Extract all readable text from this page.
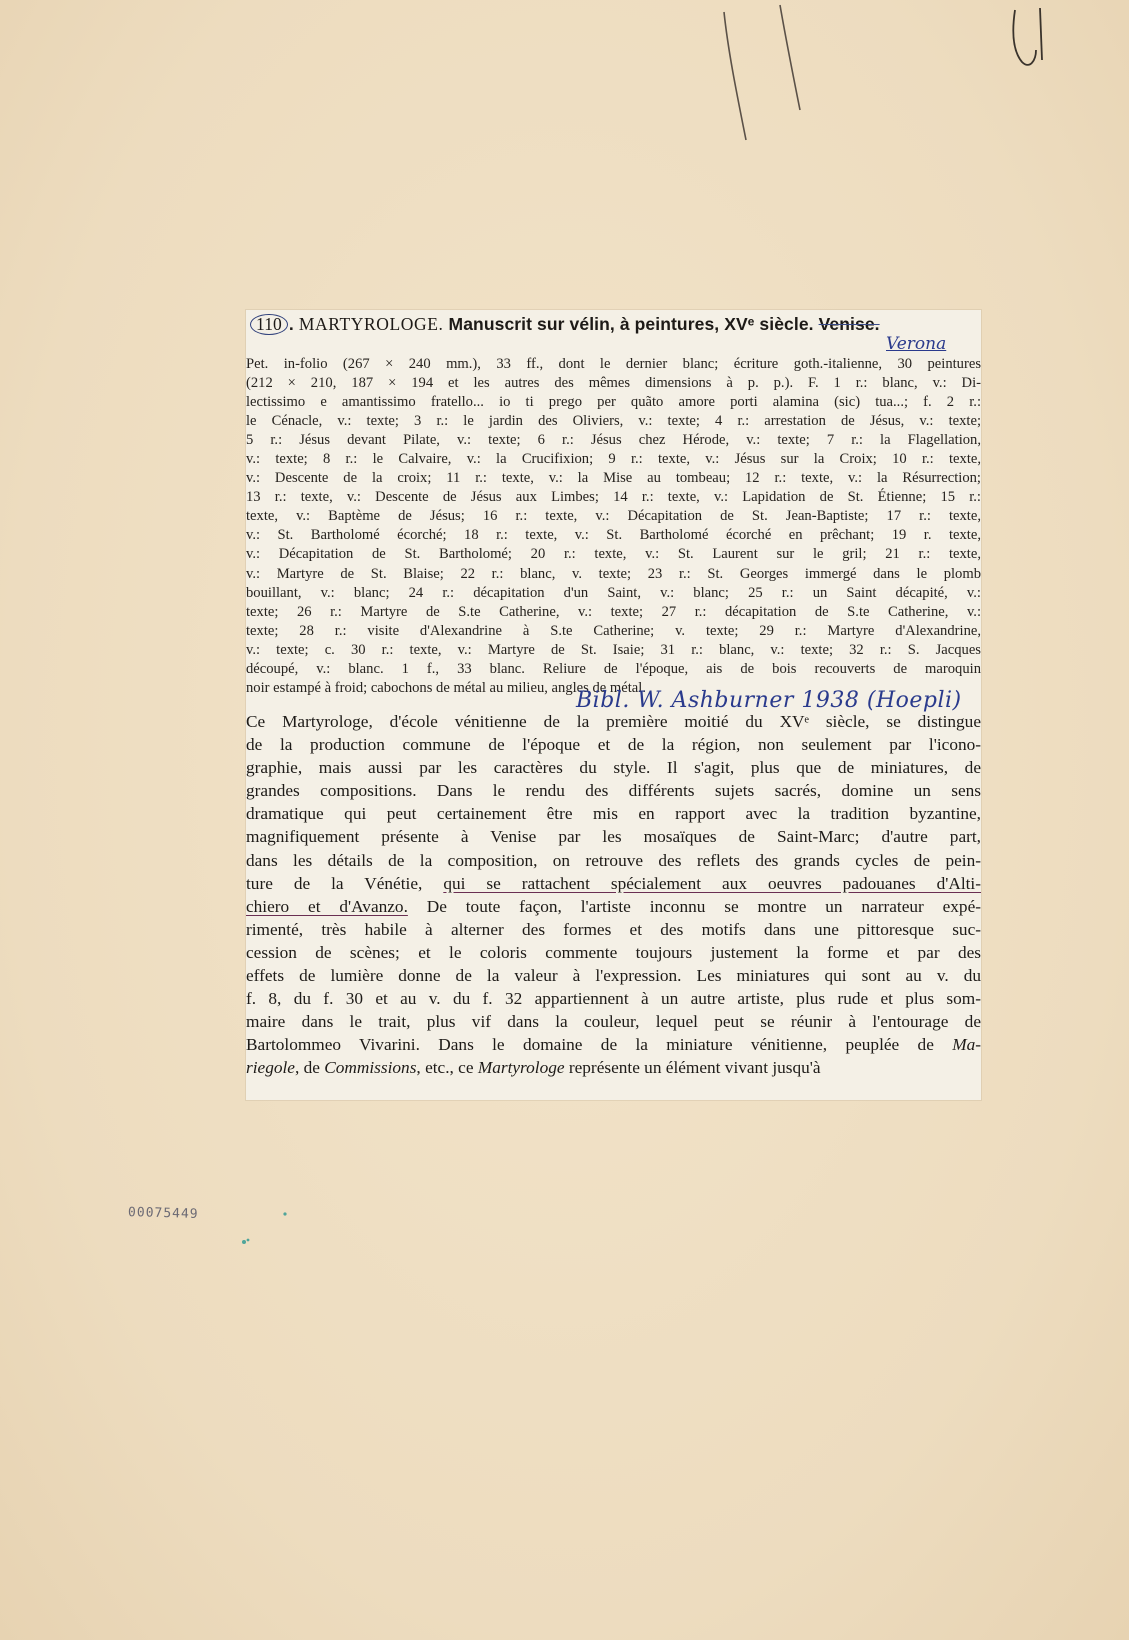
110 . MARTYROLOGE. Manuscrit sur vélin, à peintures, XVᵉ siècle. Venise.
Verona
Pet. in-folio (267 × 240 mm.), 33 ff., dont le dernier blanc; écriture goth.-italienne, 30 peintures
(212 × 210, 187 × 194 et les autres des mêmes dimensions à p. p.). F. 1 r.: blanc, v.: Di-
lectissimo e amantissimo fratello... io ti prego per quãto amore porti alamina (sic) tua...; f. 2 r.:
le Cénacle, v.: texte; 3 r.: le jardin des Oliviers, v.: texte; 4 r.: arrestation de Jésus, v.: texte;
5 r.: Jésus devant Pilate, v.: texte; 6 r.: Jésus chez Hérode, v.: texte; 7 r.: la Flagellation,
v.: texte; 8 r.: le Calvaire, v.: la Crucifixion; 9 r.: texte, v.: Jésus sur la Croix; 10 r.: texte,
v.: Descente de la croix; 11 r.: texte, v.: la Mise au tombeau; 12 r.: texte, v.: la Résurrection;
13 r.: texte, v.: Descente de Jésus aux Limbes; 14 r.: texte, v.: Lapidation de St. Étienne; 15 r.:
texte, v.: Baptème de Jésus; 16 r.: texte, v.: Décapitation de St. Jean-Baptiste; 17 r.: texte,
v.: St. Bartholomé écorché; 18 r.: texte, v.: St. Bartholomé écorché en prêchant; 19 r. texte,
v.: Décapitation de St. Bartholomé; 20 r.: texte, v.: St. Laurent sur le gril; 21 r.: texte,
v.: Martyre de St. Blaise; 22 r.: blanc, v. texte; 23 r.: St. Georges immergé dans le plomb
bouillant, v.: blanc; 24 r.: décapitation d'un Saint, v.: blanc; 25 r.: un Saint décapité, v.:
texte; 26 r.: Martyre de S.te Catherine, v.: texte; 27 r.: décapitation de S.te Catherine, v.:
texte; 28 r.: visite d'Alexandrine à S.te Catherine; v. texte; 29 r.: Martyre d'Alexandrine,
v.: texte; c. 30 r.: texte, v.: Martyre de St. Isaie; 31 r.: blanc, v.: texte; 32 r.: S. Jacques
découpé, v.: blanc. 1 f., 33 blanc. Reliure de l'époque, ais de bois recouverts de maroquin
noir estampé à froid; cabochons de métal au milieu, angles de métal.
Bibl. W. Ashburner 1938 (Hoepli)
Ce Martyrologe, d'école vénitienne de la première moitié du XVᵉ siècle, se distingue
de la production commune de l'époque et de la région, non seulement par l'icono-
graphie, mais aussi par les caractères du style. Il s'agit, plus que de miniatures, de
grandes compositions. Dans le rendu des différents sujets sacrés, domine un sens
dramatique qui peut certainement être mis en rapport avec la tradition byzantine,
magnifiquement présente à Venise par les mosaïques de Saint-Marc; d'autre part,
dans les détails de la composition, on retrouve des reflets des grands cycles de pein-
ture de la Vénétie, qui se rattachent spécialement aux oeuvres padouanes d'Alti-
chiero et d'Avanzo. De toute façon, l'artiste inconnu se montre un narrateur expé-
rimenté, très habile à alterner des formes et des motifs dans une pittoresque suc-
cession de scènes; et le coloris commente toujours justement la forme et par des
effets de lumière donne de la valeur à l'expression. Les miniatures qui sont au v. du
f. 8, du f. 30 et au v. du f. 32 appartiennent à un autre artiste, plus rude et plus som-
maire dans le trait, plus vif dans la couleur, lequel peut se réunir à l'entourage de
Bartolommeo Vivarini. Dans le domaine de la miniature vénitienne, peuplée de Ma-
riegole, de Commissions, etc., ce Martyrologe représente un élément vivant jusqu'à
00075449
